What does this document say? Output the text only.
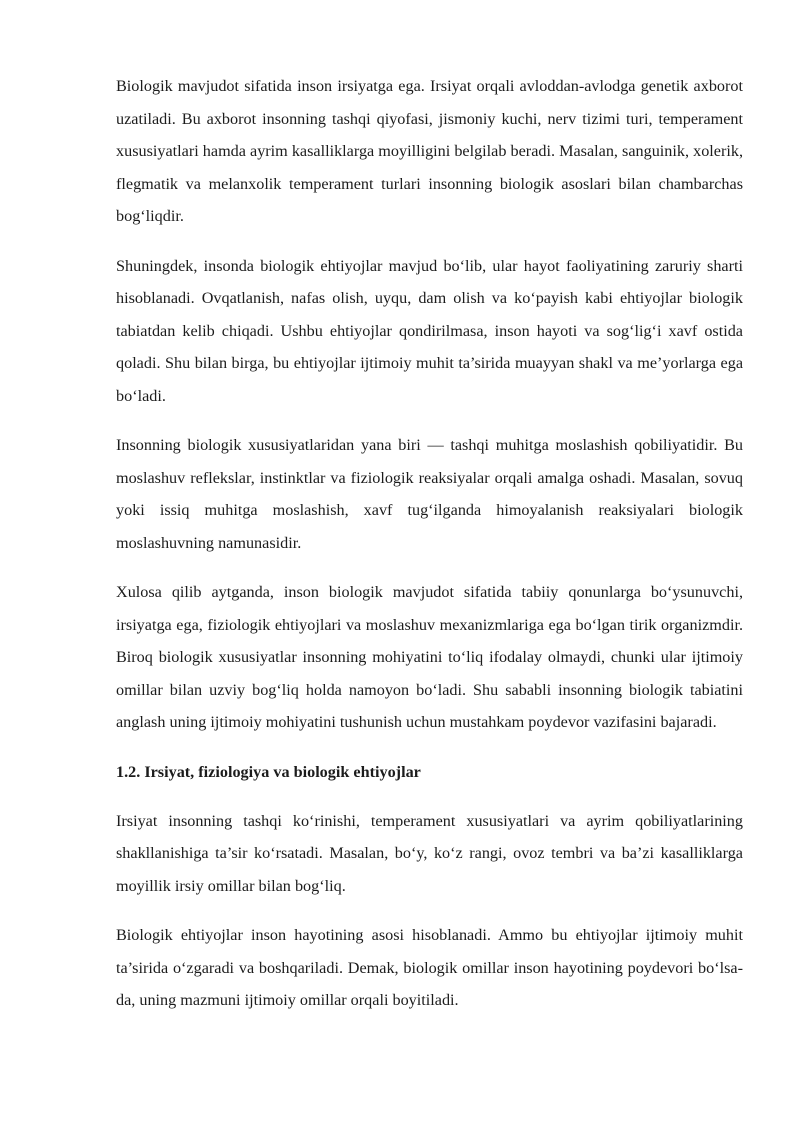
Biologik mavjudot sifatida inson irsiyatga ega. Irsiyat orqali avloddan-avlodga genetik axborot uzatiladi. Bu axborot insonning tashqi qiyofasi, jismoniy kuchi, nerv tizimi turi, temperament xususiyatlari hamda ayrim kasalliklarga moyilligini belgilab beradi. Masalan, sanguinik, xolerik, flegmatik va melanxolik temperament turlari insonning biologik asoslari bilan chambarchas bog‘liqdir.

Shuningdek, insonda biologik ehtiyojlar mavjud bo‘lib, ular hayot faoliyatining zaruriy sharti hisoblanadi. Ovqatlanish, nafas olish, uyqu, dam olish va ko‘payish kabi ehtiyojlar biologik tabiatdan kelib chiqadi. Ushbu ehtiyojlar qondirilmasa, inson hayoti va sog‘lig‘i xavf ostida qoladi. Shu bilan birga, bu ehtiyojlar ijtimoiy muhit ta’sirida muayyan shakl va me’yorlarga ega bo‘ladi.

Insonning biologik xususiyatlaridan yana biri — tashqi muhitga moslashish qobiliyatidir. Bu moslashuv reflekslar, instinktlar va fiziologik reaksiyalar orqali amalga oshadi. Masalan, sovuq yoki issiq muhitga moslashish, xavf tug‘ilganda himoyalanish reaksiyalari biologik moslashuvning namunasidir.

Xulosa qilib aytganda, inson biologik mavjudot sifatida tabiiy qonunlarga bo‘ysunuvchi, irsiyatga ega, fiziologik ehtiyojlari va moslashuv mexanizmlariga ega bo‘lgan tirik organizmdir. Biroq biologik xususiyatlar insonning mohiyatini to‘liq ifodalay olmaydi, chunki ular ijtimoiy omillar bilan uzviy bog‘liq holda namoyon bo‘ladi. Shu sababli insonning biologik tabiatini anglash uning ijtimoiy mohiyatini tushunish uchun mustahkam poydevor vazifasini bajaradi.

1.2. Irsiyat, fiziologiya va biologik ehtiyojlar

Irsiyat insonning tashqi ko‘rinishi, temperament xususiyatlari va ayrim qobiliyatlarining shakllanishiga ta’sir ko‘rsatadi. Masalan, bo‘y, ko‘z rangi, ovoz tembri va ba’zi kasalliklarga moyillik irsiy omillar bilan bog‘liq.

Biologik ehtiyojlar inson hayotining asosi hisoblanadi. Ammo bu ehtiyojlar ijtimoiy muhit ta’sirida o‘zgaradi va boshqariladi. Demak, biologik omillar inson hayotining poydevori bo‘lsa-da, uning mazmuni ijtimoiy omillar orqali boyitiladi.
